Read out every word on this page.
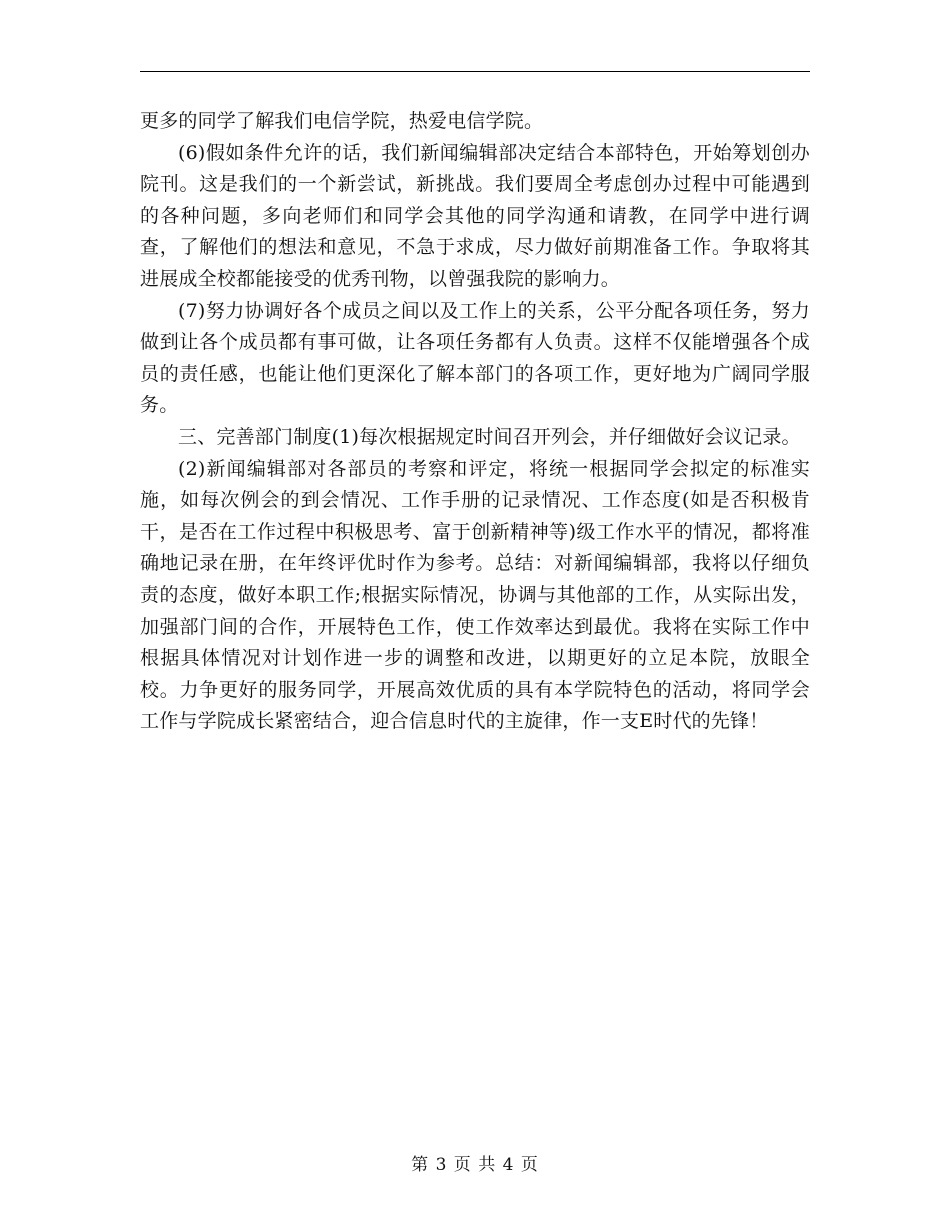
更多的同学了解我们电信学院，热爱电信学院。

(6)假如条件允许的话，我们新闻编辑部决定结合本部特色，开始筹划创办院刊。这是我们的一个新尝试，新挑战。我们要周全考虑创办过程中可能遇到的各种问题，多向老师们和同学会其他的同学沟通和请教，在同学中进行调查，了解他们的想法和意见，不急于求成，尽力做好前期准备工作。争取将其进展成全校都能接受的优秀刊物，以曾强我院的影响力。

(7)努力协调好各个成员之间以及工作上的关系，公平分配各项任务，努力做到让各个成员都有事可做，让各项任务都有人负责。这样不仅能增强各个成员的责任感，也能让他们更深化了解本部门的各项工作，更好地为广阔同学服务。

三、完善部门制度(1)每次根据规定时间召开列会，并仔细做好会议记录。

(2)新闻编辑部对各部员的考察和评定，将统一根据同学会拟定的标准实施，如每次例会的到会情况、工作手册的记录情况、工作态度(如是否积极肯干，是否在工作过程中积极思考、富于创新精神等)级工作水平的情况，都将准确地记录在册，在年终评优时作为参考。总结：对新闻编辑部，我将以仔细负责的态度，做好本职工作;根据实际情况，协调与其他部的工作，从实际出发，加强部门间的合作，开展特色工作，使工作效率达到最优。我将在实际工作中根据具体情况对计划作进一步的调整和改进，以期更好的立足本院，放眼全校。力争更好的服务同学，开展高效优质的具有本学院特色的活动，将同学会工作与学院成长紧密结合，迎合信息时代的主旋律，作一支E时代的先锋！

第 3 页 共 4 页
